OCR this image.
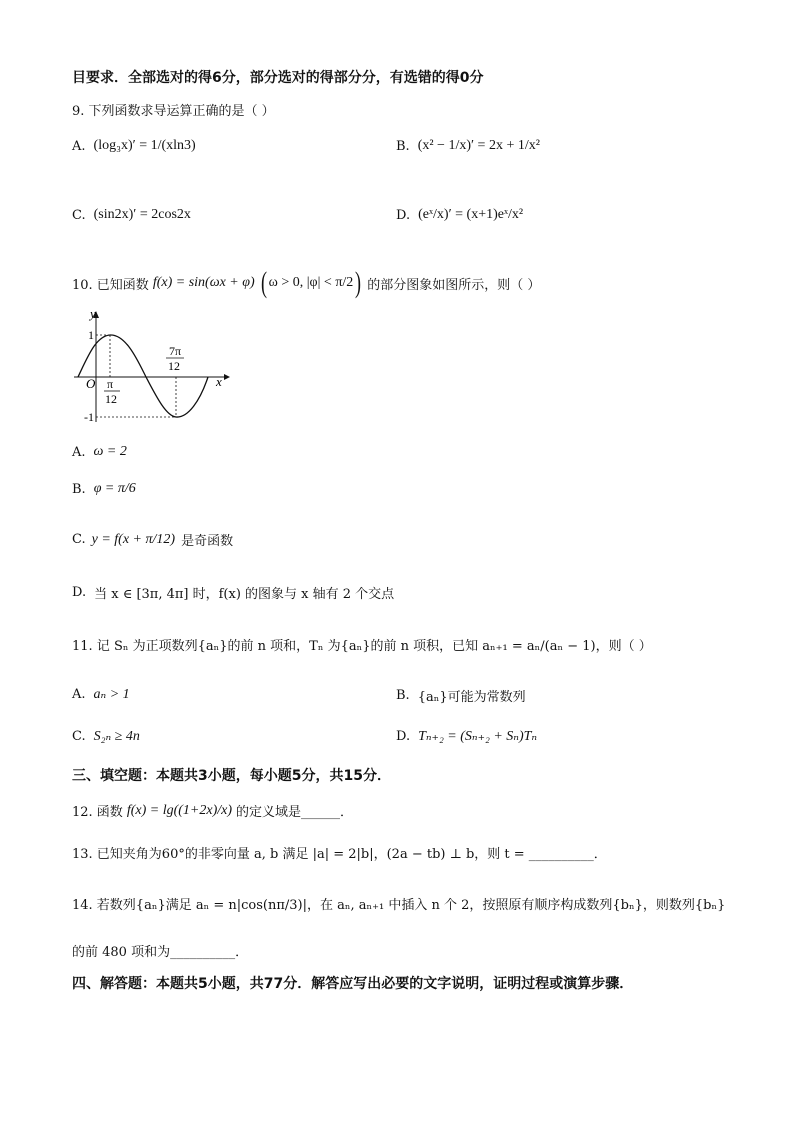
目要求．全部选对的得6分，部分选对的得部分分，有选错的得0分
9. 下列函数求导运算正确的是（ ）
A. (log₃x)′ = 1/(xln3)	B. (x² − 1/x)′ = 2x + 1/x²
C. (sin2x)′ = 2cos2x	D. (eˣ/x)′ = (x+1)eˣ/x²
10. 已知函数 f(x) = sin(ωx + φ) ( ω > 0, |φ| < π/2 ) 的部分图象如图所示，则（ ）
y
x
O
1
-1
π
12
7π
12
A. ω = 2
B. φ = π/6
C. y = f(x + π/12) 是奇函数
D. 当 x ∈ [3π, 4π] 时，f(x) 的图象与 x 轴有 2 个交点
11. 记 Sₙ 为正项数列{aₙ}的前 n 项和，Tₙ 为{aₙ}的前 n 项积，已知 aₙ₊₁ = aₙ/(aₙ − 1)，则（ ）
A. aₙ > 1	B. {aₙ}可能为常数列
C. S₂ₙ ≥ 4n	D. Tₙ₊₂ = (Sₙ₊₂ + Sₙ)Tₙ
三、填空题：本题共3小题，每小题5分，共15分．
12. 函数 f(x) = lg((1+2x)/x) 的定义域是______．
13. 已知夹角为60°的非零向量 a, b 满足 |a| = 2|b|，(2a − tb) ⊥ b，则 t = __________．
14. 若数列{aₙ}满足 aₙ = n|cos(nπ/3)|，在 aₙ, aₙ₊₁ 中插入 n 个 2，按照原有顺序构成数列{bₙ}，则数列{bₙ}
的前 480 项和为__________．
四、解答题：本题共5小题，共77分．解答应写出必要的文字说明，证明过程或演算步骤．
